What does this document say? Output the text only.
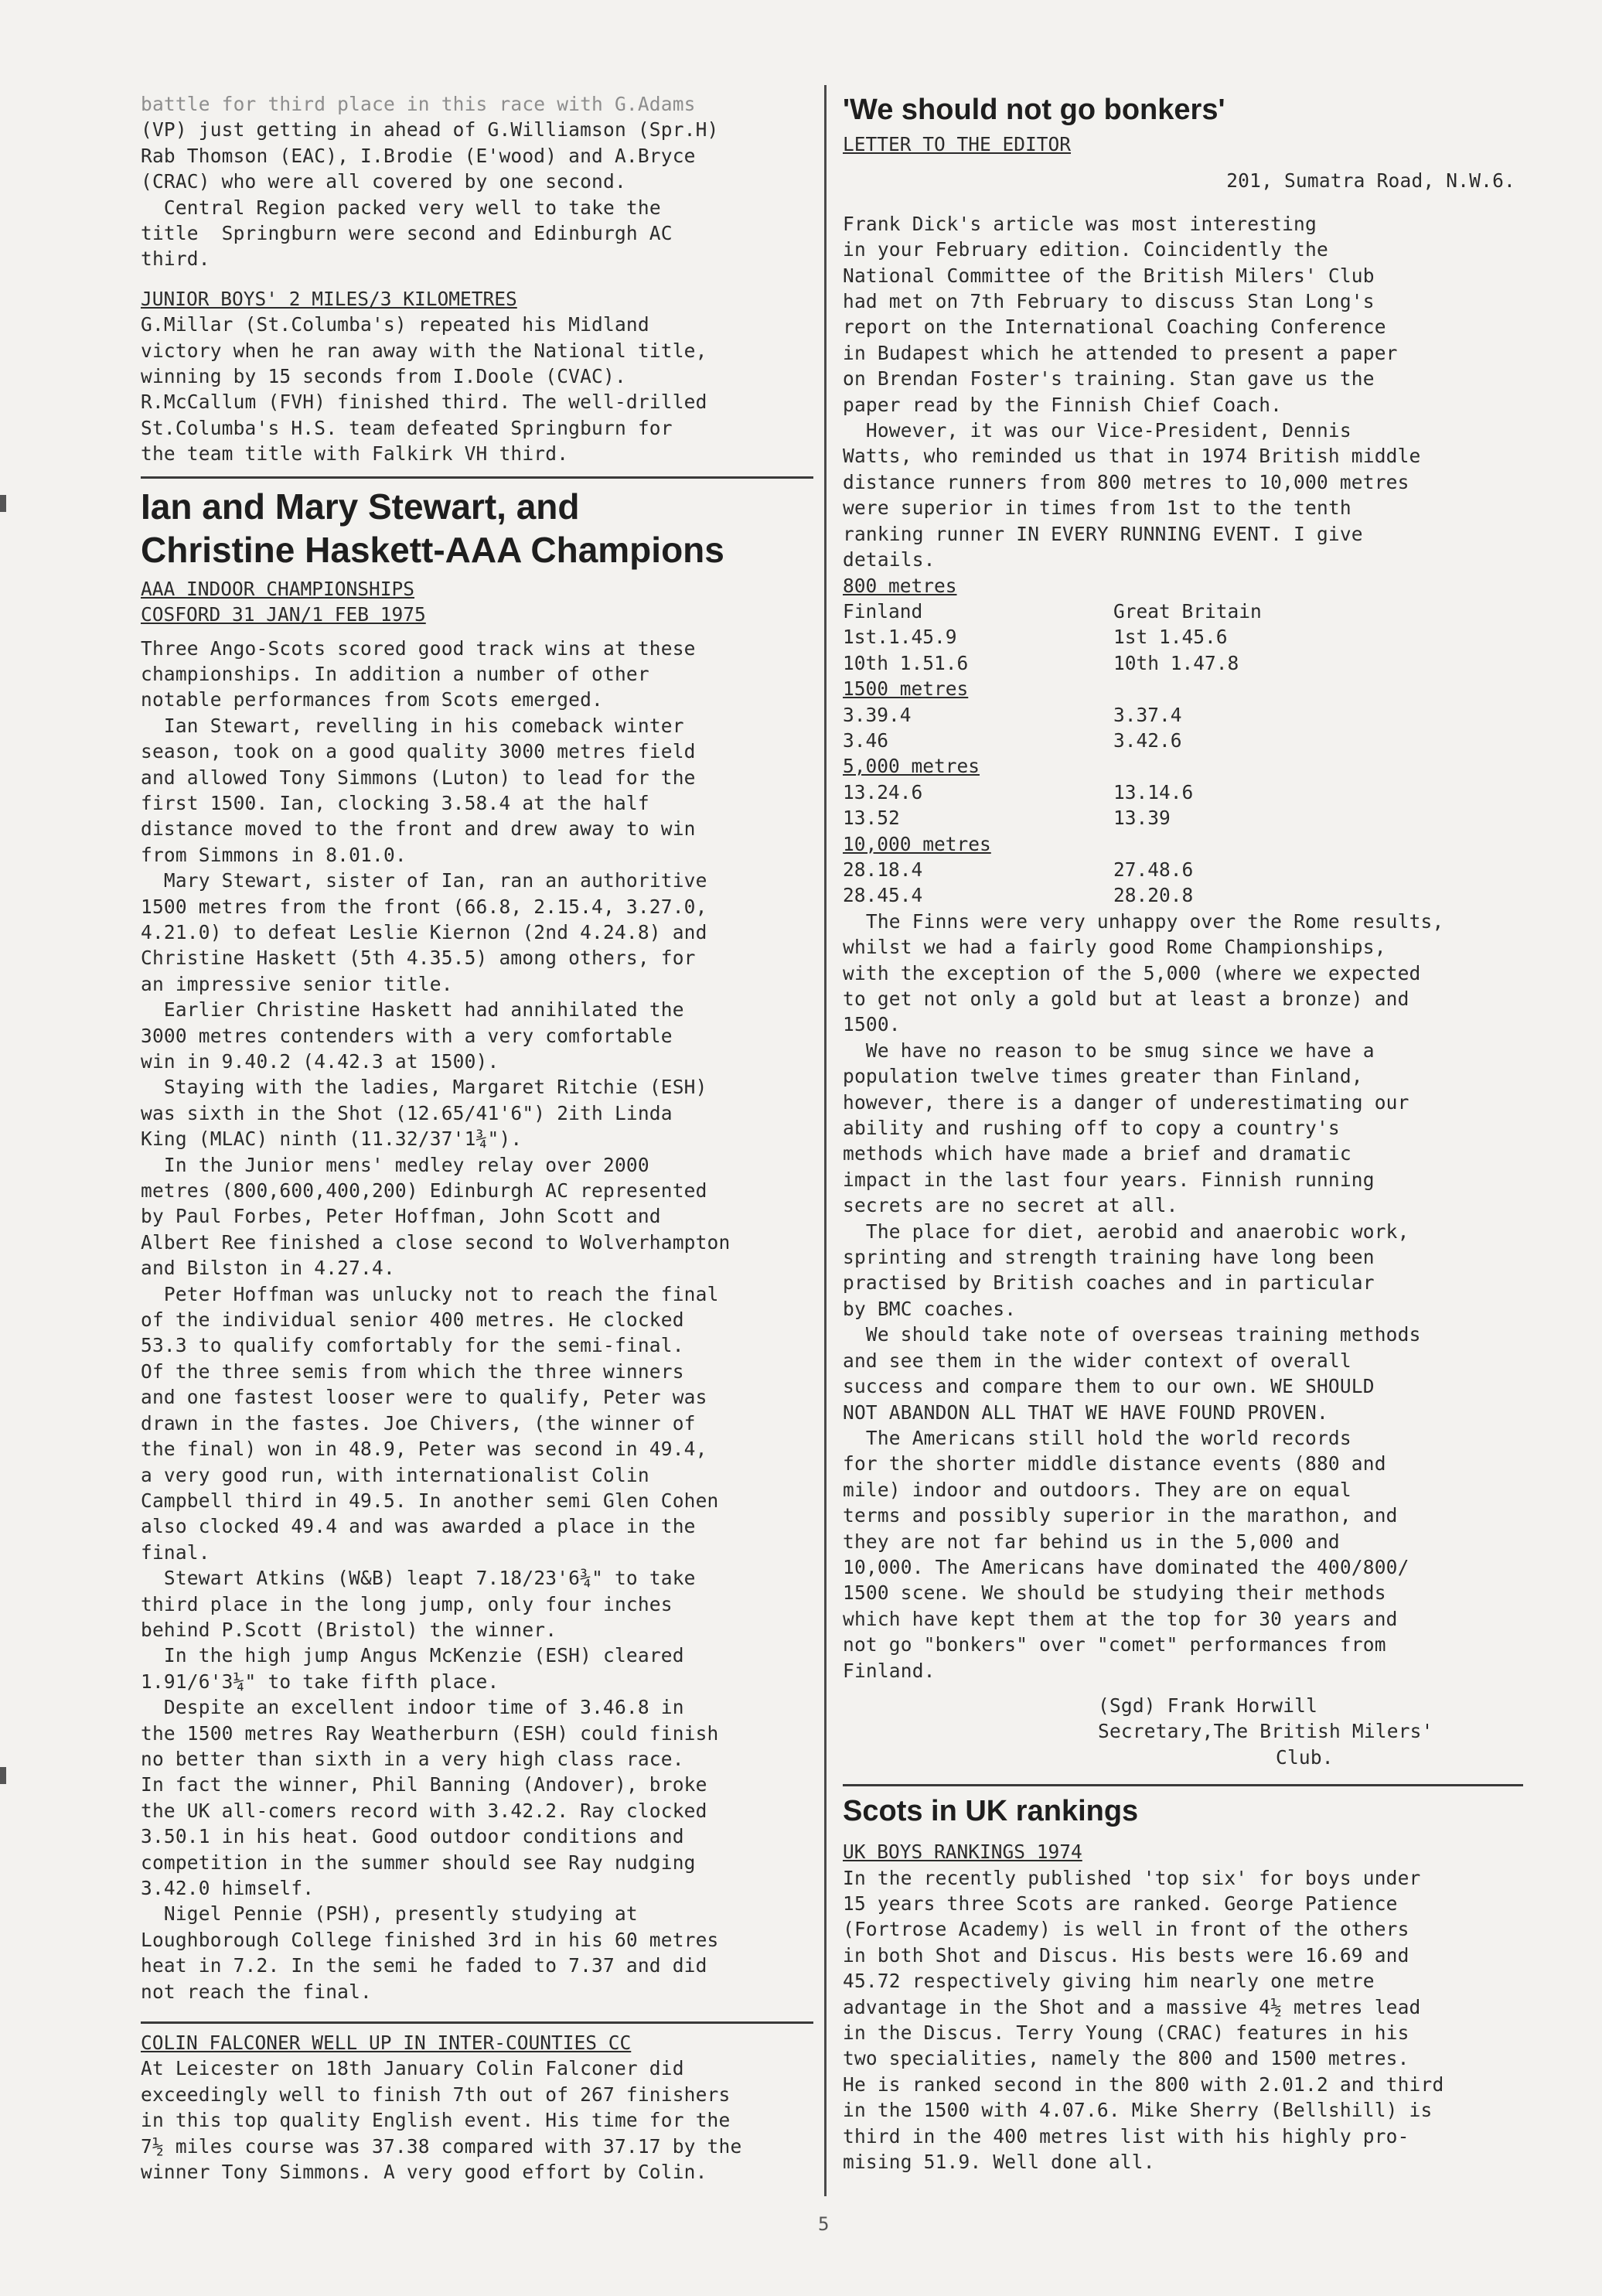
battle for third place in this race with G.Adams

(VP) just getting in ahead of G.Williamson (Spr.H)

Rab Thomson (EAC), I.Brodie (E'wood) and A.Bryce

(CRAC) who were all covered by one second.

Central Region packed very well to take the

title  Springburn were second and Edinburgh AC

third.

JUNIOR BOYS' 2 MILES/3 KILOMETRES

G.Millar (St.Columba's) repeated his Midland

victory when he ran away with the National title,

winning by 15 seconds from I.Doole (CVAC).

R.McCallum (FVH) finished third. The well-drilled

St.Columba's H.S. team defeated Springburn for

the team title with Falkirk VH third.

Ian and Mary Stewart, and
Christine Haskett-AAA Champions

AAA INDOOR CHAMPIONSHIPS

COSFORD 31 JAN/1 FEB 1975

Three Ango-Scots scored good track wins at these

championships. In addition a number of other

notable performances from Scots emerged.

Ian Stewart, revelling in his comeback winter

season, took on a good quality 3000 metres field

and allowed Tony Simmons (Luton) to lead for the

first 1500. Ian, clocking 3.58.4 at the half

distance moved to the front and drew away to win

from Simmons in 8.01.0.

Mary Stewart, sister of Ian, ran an authoritive

1500 metres from the front (66.8, 2.15.4, 3.27.0,

4.21.0) to defeat Leslie Kiernon (2nd 4.24.8) and

Christine Haskett (5th 4.35.5) among others, for

an impressive senior title.

Earlier Christine Haskett had annihilated the

3000 metres contenders with a very comfortable

win in 9.40.2 (4.42.3 at 1500).

Staying with the ladies, Margaret Ritchie (ESH)

was sixth in the Shot (12.65/41'6") 2ith Linda

King (MLAC) ninth (11.32/37'1¾").

In the Junior mens' medley relay over 2000

metres (800,600,400,200) Edinburgh AC represented

by Paul Forbes, Peter Hoffman, John Scott and

Albert Ree finished a close second to Wolverhampton

and Bilston in 4.27.4.

Peter Hoffman was unlucky not to reach the final

of the individual senior 400 metres. He clocked

53.3 to qualify comfortably for the semi-final.

Of the three semis from which the three winners

and one fastest looser were to qualify, Peter was

drawn in the fastes. Joe Chivers, (the winner of

the final) won in 48.9, Peter was second in 49.4,

a very good run, with internationalist Colin

Campbell third in 49.5. In another semi Glen Cohen

also clocked 49.4 and was awarded a place in the

final.

Stewart Atkins (W&B) leapt 7.18/23'6¾" to take

third place in the long jump, only four inches

behind P.Scott (Bristol) the winner.

In the high jump Angus McKenzie (ESH) cleared

1.91/6'3¼" to take fifth place.

Despite an excellent indoor time of 3.46.8 in

the 1500 metres Ray Weatherburn (ESH) could finish

no better than sixth in a very high class race.

In fact the winner, Phil Banning (Andover), broke

the UK all-comers record with 3.42.2. Ray clocked

3.50.1 in his heat. Good outdoor conditions and

competition in the summer should see Ray nudging

3.42.0 himself.

Nigel Pennie (PSH), presently studying at

Loughborough College finished 3rd in his 60 metres

heat in 7.2. In the semi he faded to 7.37 and did

not reach the final.

COLIN FALCONER WELL UP IN INTER-COUNTIES CC

At Leicester on 18th January Colin Falconer did

exceedingly well to finish 7th out of 267 finishers

in this top quality English event. His time for the

7½ miles course was 37.38 compared with 37.17 by the

winner Tony Simmons. A very good effort by Colin.

'We should not go bonkers'

LETTER TO THE EDITOR

201, Sumatra Road, N.W.6.

Frank Dick's article was most interesting

in your February edition. Coincidently the

National Committee of the British Milers' Club

had met on 7th February to discuss Stan Long's

report on the International Coaching Conference

in Budapest which he attended to present a paper

on Brendan Foster's training. Stan gave us the

paper read by the Finnish Chief Coach.

However, it was our Vice-President, Dennis

Watts, who reminded us that in 1974 British middle

distance runners from 800 metres to 10,000 metres

were superior in times from 1st to the tenth

ranking runner IN EVERY RUNNING EVENT. I give

details.

800 metres	
Finland	Great Britain
1st.1.45.9	1st 1.45.6
10th 1.51.6	10th 1.47.8
1500 metres	
3.39.4	3.37.4
3.46	3.42.6
5,000 metres	
13.24.6	13.14.6
13.52	13.39
10,000 metres	
28.18.4	27.48.6
28.45.4	28.20.8

The Finns were very unhappy over the Rome results,

whilst we had a fairly good Rome Championships,

with the exception of the 5,000 (where we expected

to get not only a gold but at least a bronze) and

1500.

We have no reason to be smug since we have a

population twelve times greater than Finland,

however, there is a danger of underestimating our

ability and rushing off to copy a country's

methods which have made a brief and dramatic

impact in the last four years. Finnish running

secrets are no secret at all.

The place for diet, aerobid and anaerobic work,

sprinting and strength training have long been

practised by British coaches and in particular

by BMC coaches.

We should take note of overseas training methods

and see them in the wider context of overall

success and compare them to our own. WE SHOULD

NOT ABANDON ALL THAT WE HAVE FOUND PROVEN.

The Americans still hold the world records

for the shorter middle distance events (880 and

mile) indoor and outdoors. They are on equal

terms and possibly superior in the marathon, and

they are not far behind us in the 5,000 and

10,000. The Americans have dominated the 400/800/

1500 scene. We should be studying their methods

which have kept them at the top for 30 years and

not go "bonkers" over "comet" performances from

Finland.

(Sgd) Frank Horwill

Secretary,The British Milers'

Club.

Scots in UK rankings

UK BOYS RANKINGS 1974

In the recently published 'top six' for boys under

15 years three Scots are ranked. George Patience

(Fortrose Academy) is well in front of the others

in both Shot and Discus. His bests were 16.69 and

45.72 respectively giving him nearly one metre

advantage in the Shot and a massive 4½ metres lead

in the Discus. Terry Young (CRAC) features in his

two specialities, namely the 800 and 1500 metres.

He is ranked second in the 800 with 2.01.2 and third

in the 1500 with 4.07.6. Mike Sherry (Bellshill) is

third in the 400 metres list with his highly pro-

mising 51.9. Well done all.

5
